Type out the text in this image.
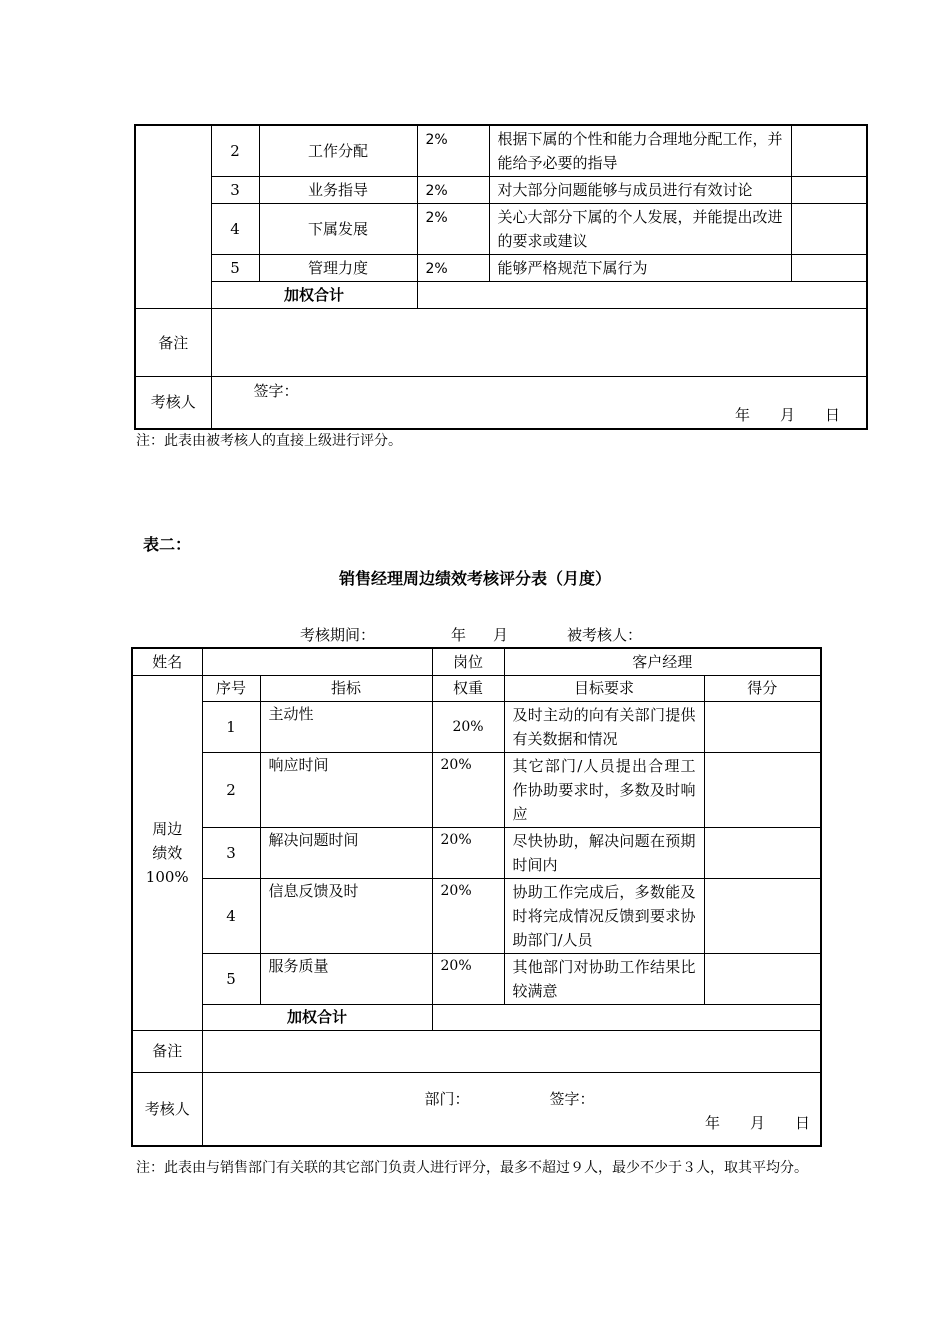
	2	工作分配	2%	根据下属的个性和能力合理地分配工作，并能给予必要的指导	
	3	业务指导	2%	对大部分问题能够与成员进行有效讨论	
	4	下属发展	2%	关心大部分下属的个人发展，并能提出改进的要求或建议	
	5	管理力度	2%	能够严格规范下属行为	
	加权合计				
备注					
考核人	签字：
年　　月　　日				
注：此表由被考核人的直接上级进行评分。
表二：
销售经理周边绩效考核评分表（月度）
考核期间：	年 月	被考核人：
姓名			岗位	客户经理	

周边
绩效
100%	序号	指标	权重	目标要求	得分
	1	主动性	20%	及时主动的向有关部门提供有关数据和情况	
	2	响应时间	20%	其它部门/人员提出合理工作协助要求时，多数及时响应	
	3	解决问题时间	20%	尽快协助，解决问题在预期时间内	
	4	信息反馈及时	20%	协助工作完成后，多数能及时将完成情况反馈到要求协助部门/人员	
	5	服务质量	20%	其他部门对协助工作结果比较满意	
	加权合计				
备注					
考核人	部门： 签字：
年　　月　　日				
注：此表由与销售部门有关联的其它部门负责人进行评分，最多不超过９人，最少不少于３人，取其平均分。
